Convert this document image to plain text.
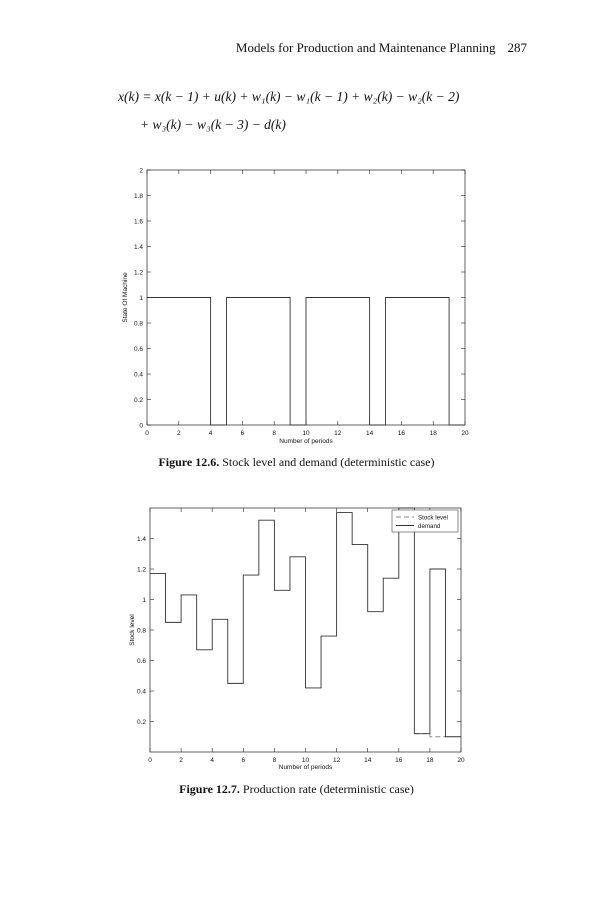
Models for Production and Maintenance Planning 287
x(k) = x(k − 1) + u(k) + w₁(k) − w₁(k − 1) + w₂(k) − w₂(k − 2)
+ w₃(k) − w₃(k − 3) − d(k)
0	2	4	6	8	10	12	14	16	18	20
0
0.2
0.4
0.6
0.8
1
1.2
1.4
1.6
1.8
2
Number of periods
State Of Machine
Figure 12.6. Stock level and demand (deterministic case)
0	2	4	6	8	10	12	14	16	18	20
0.2
0.4
0.6
0.8
1
1.2
1.4
Number of periods
Stock level
Stock level
demand
Figure 12.7. Production rate (deterministic case)
